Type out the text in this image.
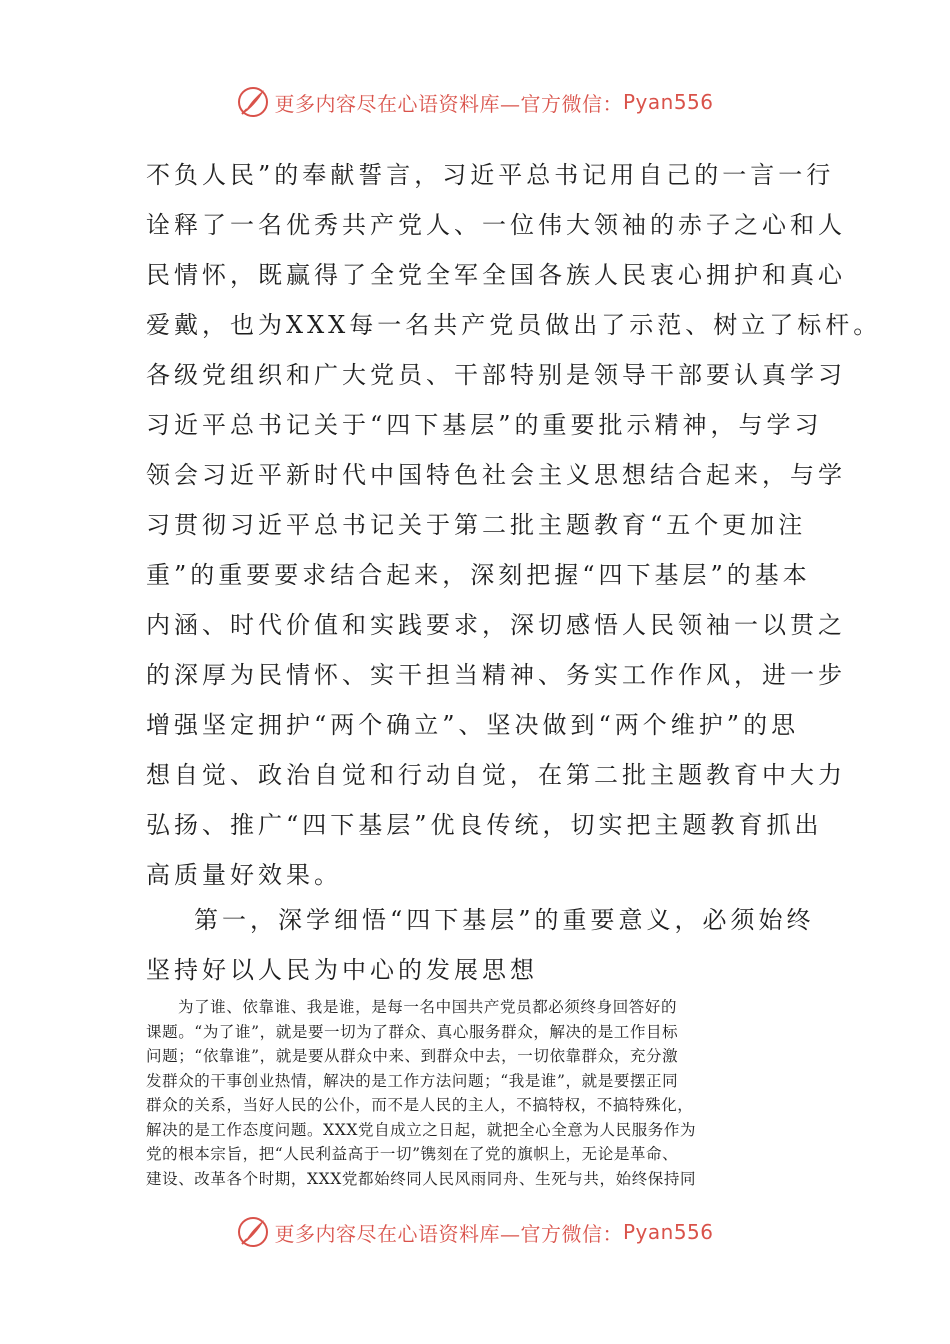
更多内容尽在心语资料库—官方微信： Pyan556
不负人民”的奉献誓言，习近平总书记用自己的一言一行
诠释了一名优秀共产党人、一位伟大领袖的赤子之心和人
民情怀，既赢得了全党全军全国各族人民衷心拥护和真心
爱戴，也为XXX每一名共产党员做出了示范、树立了标杆。
各级党组织和广大党员、干部特别是领导干部要认真学习
习近平总书记关于“四下基层”的重要批示精神，与学习
领会习近平新时代中国特色社会主义思想结合起来，与学
习贯彻习近平总书记关于第二批主题教育“五个更加注
重”的重要要求结合起来，深刻把握“四下基层”的基本
内涵、时代价值和实践要求，深切感悟人民领袖一以贯之
的深厚为民情怀、实干担当精神、务实工作作风，进一步
增强坚定拥护“两个确立”、坚决做到“两个维护”的思
想自觉、政治自觉和行动自觉，在第二批主题教育中大力
弘扬、推广“四下基层”优良传统，切实把主题教育抓出
高质量好效果。
第一，深学细悟“四下基层”的重要意义，必须始终
坚持好以人民为中心的发展思想
为了谁、依靠谁、我是谁，是每一名中国共产党员都必须终身回答好的
课题。“为了谁”，就是要一切为了群众、真心服务群众，解决的是工作目标
问题；“依靠谁”，就是要从群众中来、到群众中去，一切依靠群众，充分激
发群众的干事创业热情，解决的是工作方法问题；“我是谁”，就是要摆正同
群众的关系，当好人民的公仆，而不是人民的主人，不搞特权，不搞特殊化，
解决的是工作态度问题。XXX党自成立之日起，就把全心全意为人民服务作为
党的根本宗旨，把“人民利益高于一切”镌刻在了党的旗帜上，无论是革命、
建设、改革各个时期，XXX党都始终同人民风雨同舟、生死与共，始终保持同
更多内容尽在心语资料库—官方微信： Pyan556
